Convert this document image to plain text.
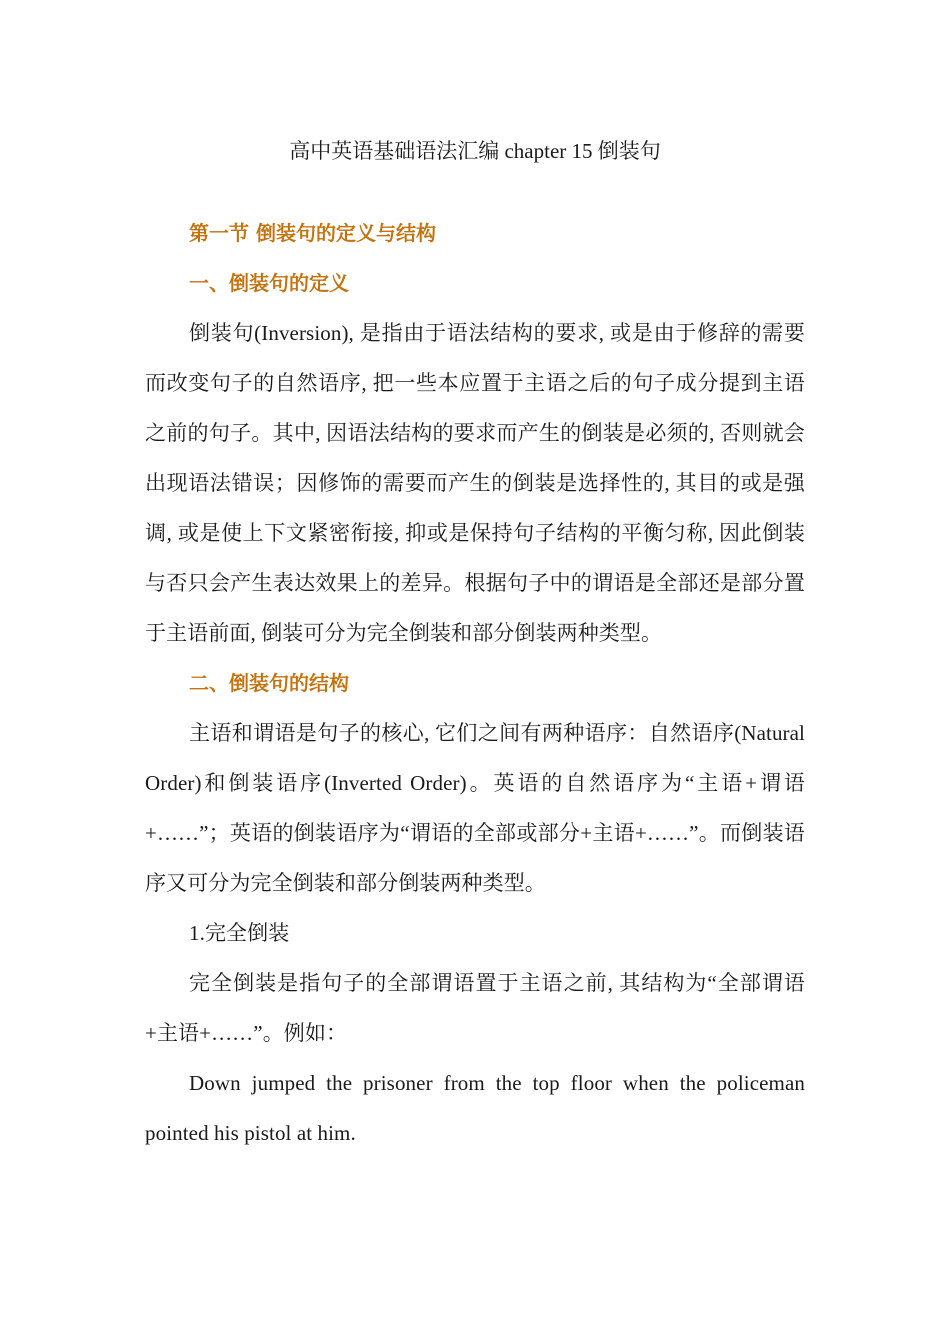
高中英语基础语法汇编 chapter 15 倒装句
第一节 倒装句的定义与结构
一、倒装句的定义

倒装句(Inversion), 是指由于语法结构的要求, 或是由于修辞的需要而改变句子的自然语序, 把一些本应置于主语之后的句子成分提到主语之前的句子。其中, 因语法结构的要求而产生的倒装是必须的, 否则就会出现语法错误；因修饰的需要而产生的倒装是选择性的, 其目的或是强调, 或是使上下文紧密衔接, 抑或是保持句子结构的平衡匀称, 因此倒装与否只会产生表达效果上的差异。根据句子中的谓语是全部还是部分置于主语前面, 倒装可分为完全倒装和部分倒装两种类型。

二、倒装句的结构

主语和谓语是句子的核心, 它们之间有两种语序：自然语序(Natural Order)和倒装语序(Inverted Order)。英语的自然语序为“主语+谓语+……”；英语的倒装语序为“谓语的全部或部分+主语+……”。而倒装语序又可分为完全倒装和部分倒装两种类型。

1.完全倒装

完全倒装是指句子的全部谓语置于主语之前, 其结构为“全部谓语+主语+……”。例如：

Down jumped the prisoner from the top floor when the policeman pointed his pistol at him.
